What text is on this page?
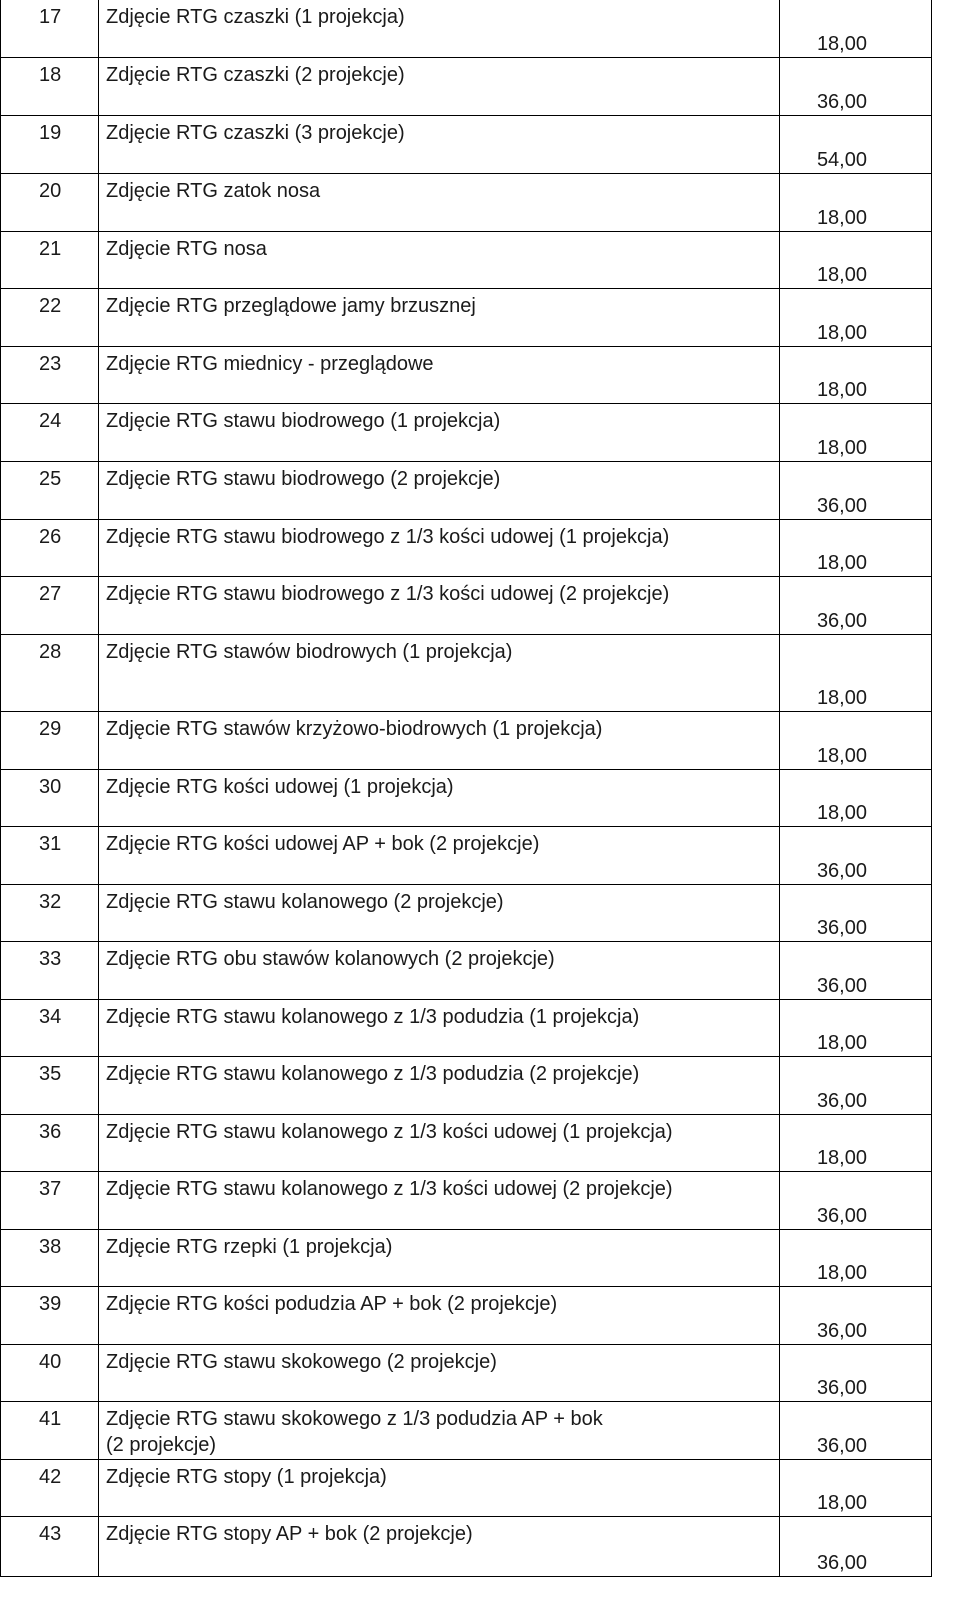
17 Zdjęcie RTG czaszki (1 projekcja)
18,00
18 Zdjęcie RTG czaszki (2 projekcje)
36,00
19 Zdjęcie RTG czaszki (3 projekcje)
54,00
20 Zdjęcie RTG zatok nosa
18,00
21 Zdjęcie RTG nosa
18,00
22 Zdjęcie RTG przeglądowe jamy brzusznej
18,00
23 Zdjęcie RTG miednicy - przeglądowe
18,00
24 Zdjęcie RTG stawu biodrowego (1 projekcja)
18,00
25 Zdjęcie RTG stawu biodrowego (2 projekcje)
36,00
26 Zdjęcie RTG stawu biodrowego z 1/3 kości udowej (1 projekcja)
18,00
27 Zdjęcie RTG stawu biodrowego z 1/3 kości udowej (2 projekcje)
36,00
28 Zdjęcie RTG stawów biodrowych (1 projekcja)
18,00
29 Zdjęcie RTG stawów krzyżowo-biodrowych (1 projekcja)
18,00
30 Zdjęcie RTG kości udowej (1 projekcja)
18,00
31 Zdjęcie RTG kości udowej AP + bok (2 projekcje)
36,00
32 Zdjęcie RTG stawu kolanowego (2 projekcje)
36,00
33 Zdjęcie RTG obu stawów kolanowych (2 projekcje)
36,00
34 Zdjęcie RTG stawu kolanowego z 1/3 podudzia (1 projekcja)
18,00
35 Zdjęcie RTG stawu kolanowego z 1/3 podudzia (2 projekcje)
36,00
36 Zdjęcie RTG stawu kolanowego z 1/3 kości udowej (1 projekcja)
18,00
37 Zdjęcie RTG stawu kolanowego z 1/3 kości udowej (2 projekcje)
36,00
38 Zdjęcie RTG rzepki (1 projekcja)
18,00
39 Zdjęcie RTG kości podudzia AP + bok (2 projekcje)
36,00
40 Zdjęcie RTG stawu skokowego (2 projekcje)
36,00
41 Zdjęcie RTG stawu skokowego z 1/3 podudzia AP + bok
(2 projekcje)	36,00
42 Zdjęcie RTG stopy (1 projekcja)
18,00
43 Zdjęcie RTG stopy AP + bok (2 projekcje)
36,00
